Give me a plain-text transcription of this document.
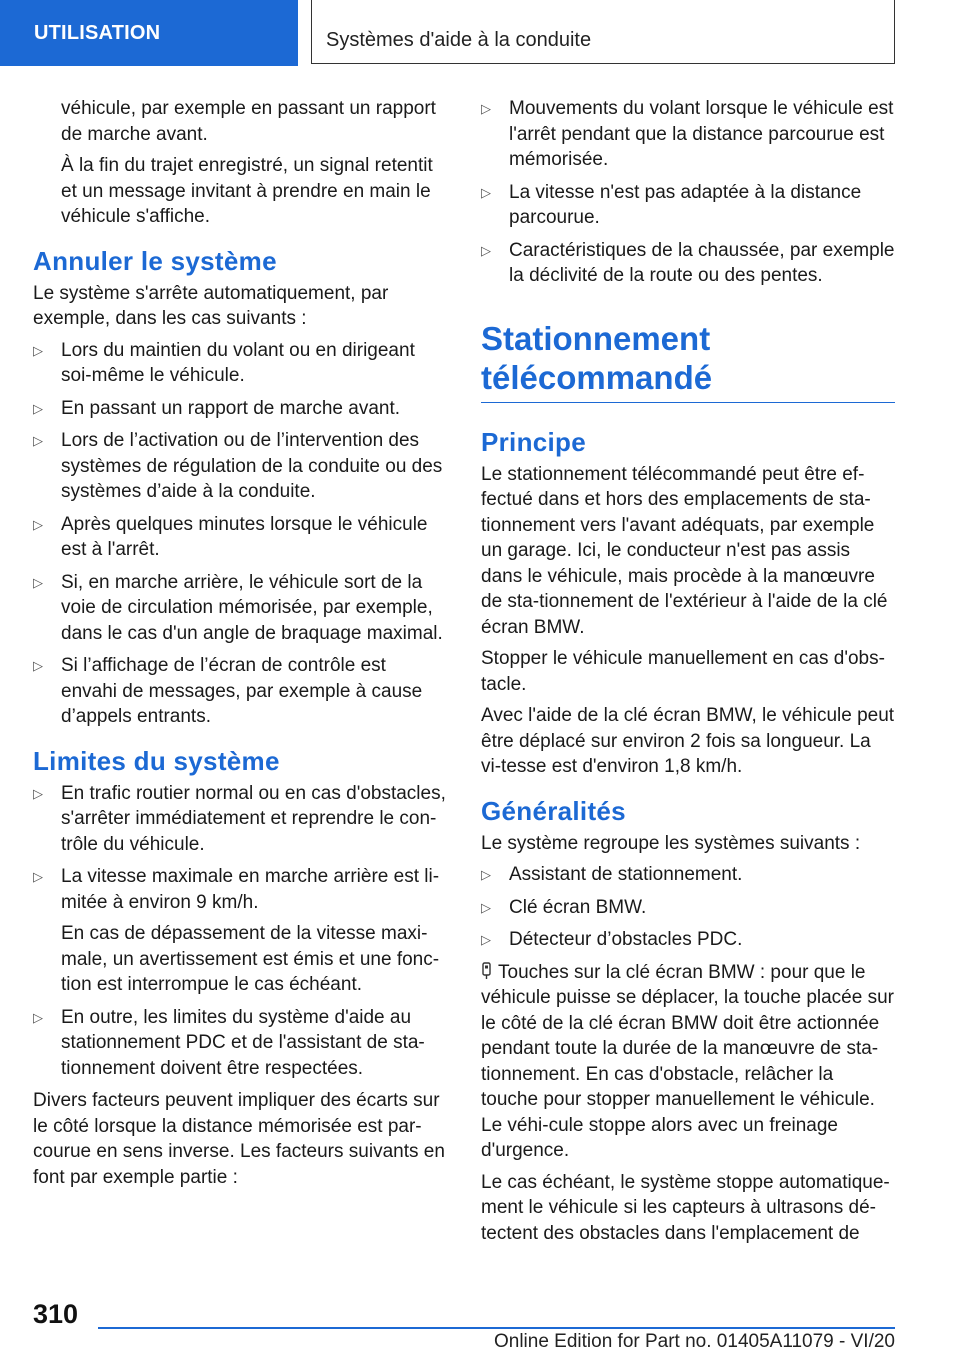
UTILISATION	Systèmes d'aide à la conduite

véhicule, par exemple en passant un rapport de marche avant.

À la fin du trajet enregistré, un signal retentit et un message invitant à prendre en main le véhicule s'affiche.

Annuler le système

Le système s'arrête automatiquement, par exemple, dans les cas suivants :

▷ Lors du maintien du volant ou en dirigeant soi-même le véhicule.
▷ En passant un rapport de marche avant.
▷ Lors de l’activation ou de l’intervention des systèmes de régulation de la conduite ou des systèmes d’aide à la conduite.
▷ Après quelques minutes lorsque le véhicule est à l'arrêt.
▷ Si, en marche arrière, le véhicule sort de la voie de circulation mémorisée, par exemple, dans le cas d'un angle de braquage maximal.
▷ Si l’affichage de l’écran de contrôle est envahi de messages, par exemple à cause d’appels entrants.
Limites du système
▷ En trafic routier normal ou en cas d'obstacles, s'arrêter immédiatement et reprendre le con-trôle du véhicule.
▷ La vitesse maximale en marche arrière est li-mitée à environ 9 km/h.
En cas de dépassement de la vitesse maxi-male, un avertissement est émis et une fonc-tion est interrompue le cas échéant.
▷ En outre, les limites du système d'aide au stationnement PDC et de l'assistant de sta-tionnement doivent être respectées.

Divers facteurs peuvent impliquer des écarts sur le côté lorsque la distance mémorisée est par-courue en sens inverse. Les facteurs suivants en font par exemple partie :

▷ Mouvements du volant lorsque le véhicule est l'arrêt pendant que la distance parcourue est mémorisée.
▷ La vitesse n'est pas adaptée à la distance parcourue.
▷ Caractéristiques de la chaussée, par exemple la déclivité de la route ou des pentes.
Stationnement télécommandé
Principe

Le stationnement télécommandé peut être ef-fectué dans et hors des emplacements de sta-tionnement vers l'avant adéquats, par exemple un garage. Ici, le conducteur n'est pas assis dans le véhicule, mais procède à la manœuvre de sta-tionnement de l'extérieur à l'aide de la clé écran BMW.

Stopper le véhicule manuellement en cas d'obs-tacle.

Avec l'aide de la clé écran BMW, le véhicule peut être déplacé sur environ 2 fois sa longueur. La vi-tesse est d'environ 1,8 km/h.

Généralités

Le système regroupe les systèmes suivants :

▷ Assistant de stationnement.
▷ Clé écran BMW.
▷ Détecteur d’obstacles PDC.

Touches sur la clé écran BMW : pour que le véhicule puisse se déplacer, la touche placée sur le côté de la clé écran BMW doit être actionnée pendant toute la durée de la manœuvre de sta-tionnement. En cas d'obstacle, relâcher la touche pour stopper manuellement le véhicule. Le véhi-cule stoppe alors avec un freinage d'urgence.

Le cas échéant, le système stoppe automatique-ment le véhicule si les capteurs à ultrasons dé-tectent des obstacles dans l'emplacement de

310
Online Edition for Part no. 01405A11079 - VI/20
